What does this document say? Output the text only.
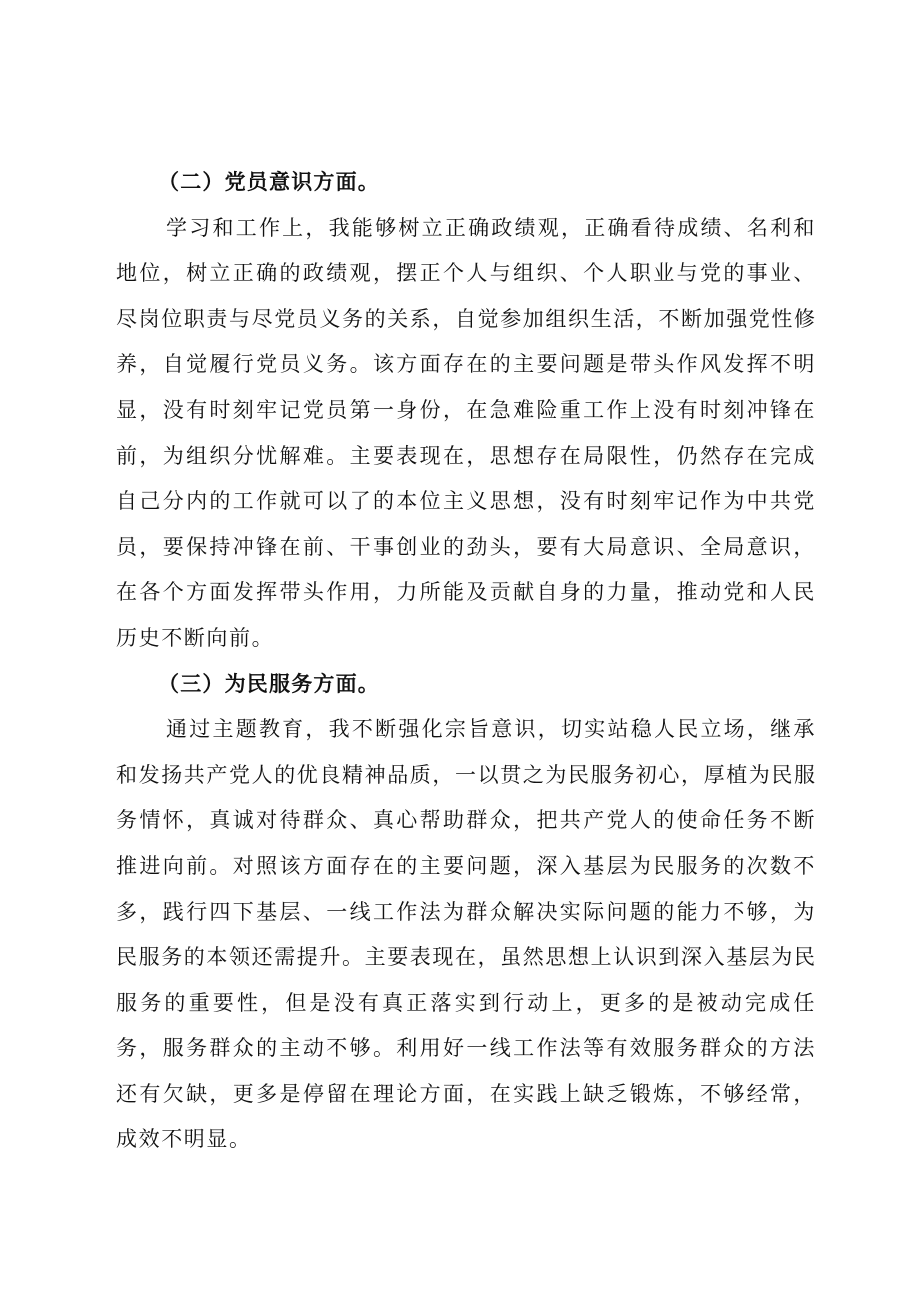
（二）党员意识方面。

学习和工作上，我能够树立正确政绩观，正确看待成绩、名利和
地位，树立正确的政绩观，摆正个人与组织、个人职业与党的事业、
尽岗位职责与尽党员义务的关系，自觉参加组织生活，不断加强党性修
养，自觉履行党员义务。该方面存在的主要问题是带头作风发挥不明
显，没有时刻牢记党员第一身份，在急难险重工作上没有时刻冲锋在
前，为组织分忧解难。主要表现在，思想存在局限性，仍然存在完成
自己分内的工作就可以了的本位主义思想，没有时刻牢记作为中共党
员，要保持冲锋在前、干事创业的劲头，要有大局意识、全局意识，
在各个方面发挥带头作用，力所能及贡献自身的力量，推动党和人民
历史不断向前。

（三）为民服务方面。

通过主题教育，我不断强化宗旨意识，切实站稳人民立场，继承
和发扬共产党人的优良精神品质，一以贯之为民服务初心，厚植为民服
务情怀，真诚对待群众、真心帮助群众，把共产党人的使命任务不断
推进向前。对照该方面存在的主要问题，深入基层为民服务的次数不
多，践行四下基层、一线工作法为群众解决实际问题的能力不够，为
民服务的本领还需提升。主要表现在，虽然思想上认识到深入基层为民
服务的重要性，但是没有真正落实到行动上，更多的是被动完成任
务，服务群众的主动不够。利用好一线工作法等有效服务群众的方法
还有欠缺，更多是停留在理论方面，在实践上缺乏锻炼，不够经常，
成效不明显。
